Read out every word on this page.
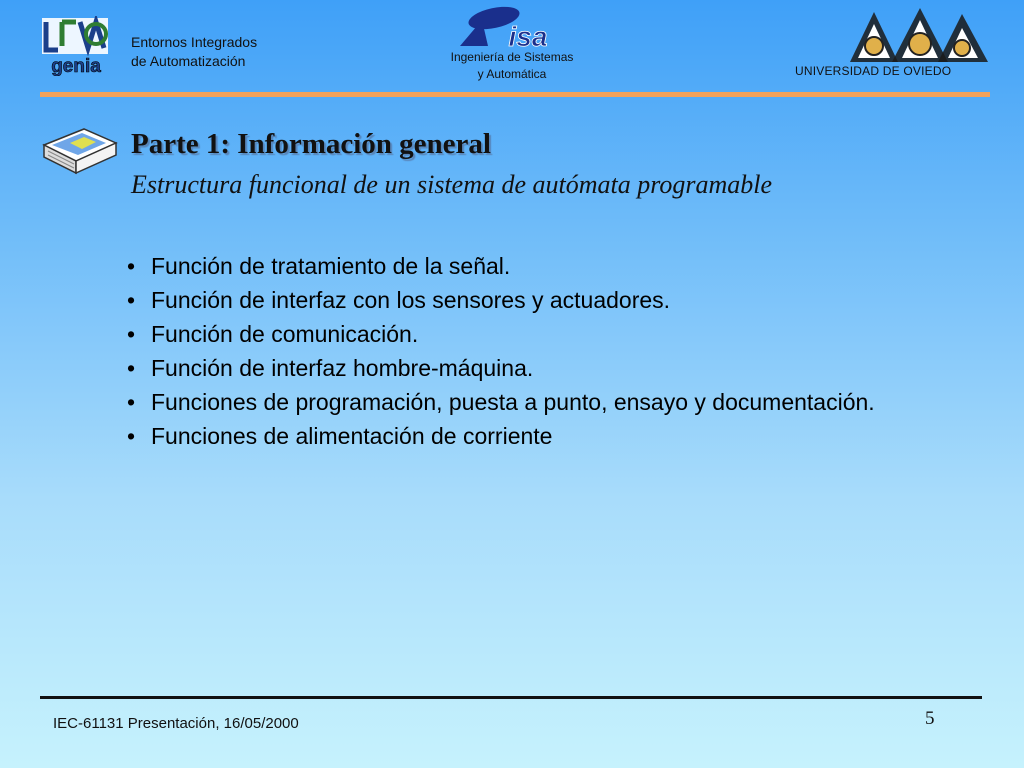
genia
Entornos Integrados
de Automatización
isa
Ingeniería de Sistemas
y Automática	UNIVERSIDAD DE OVIEDO
Parte 1: Información general
Estructura funcional de un sistema de autómata programable
• Función de tratamiento de la señal.
• Función de interfaz con los sensores y actuadores.
• Función de comunicación.
• Función de interfaz hombre-máquina.
• Funciones de programación, puesta a punto, ensayo y documentación.
• Funciones de alimentación de corriente
IEC-61131 Presentación, 16/05/2000	5
